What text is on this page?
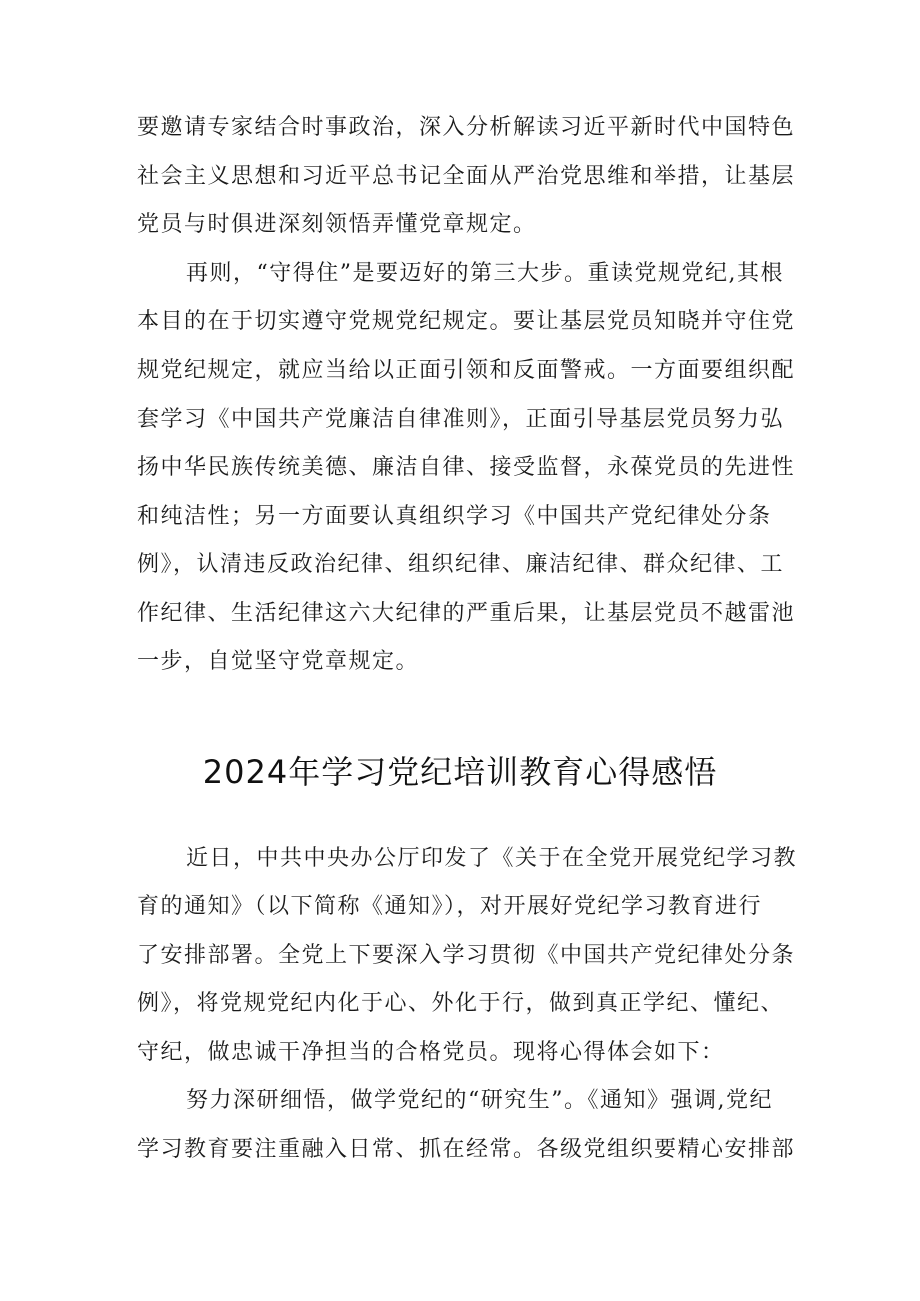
要邀请专家结合时事政治，深入分析解读习近平新时代中国特色
社会主义思想和习近平总书记全面从严治党思维和举措，让基层
党员与时俱进深刻领悟弄懂党章规定。
再则，“守得住”是要迈好的第三大步。重读党规党纪,其根
本目的在于切实遵守党规党纪规定。要让基层党员知晓并守住党
规党纪规定，就应当给以正面引领和反面警戒。一方面要组织配
套学习《中国共产党廉洁自律准则》，正面引导基层党员努力弘
扬中华民族传统美德、廉洁自律、接受监督，永葆党员的先进性
和纯洁性；另一方面要认真组织学习《中国共产党纪律处分条
例》，认清违反政治纪律、组织纪律、廉洁纪律、群众纪律、工
作纪律、生活纪律这六大纪律的严重后果，让基层党员不越雷池
一步，自觉坚守党章规定。
2024年学习党纪培训教育心得感悟
近日，中共中央办公厅印发了《关于在全党开展党纪学习教
育的通知》（以下简称《通知》），对开展好党纪学习教育进行
了安排部署。全党上下要深入学习贯彻《中国共产党纪律处分条
例》，将党规党纪内化于心、外化于行，做到真正学纪、懂纪、
守纪，做忠诚干净担当的合格党员。现将心得体会如下：
努力深研细悟，做学党纪的“研究生”。《通知》强调,党纪
学习教育要注重融入日常、抓在经常。各级党组织要精心安排部
